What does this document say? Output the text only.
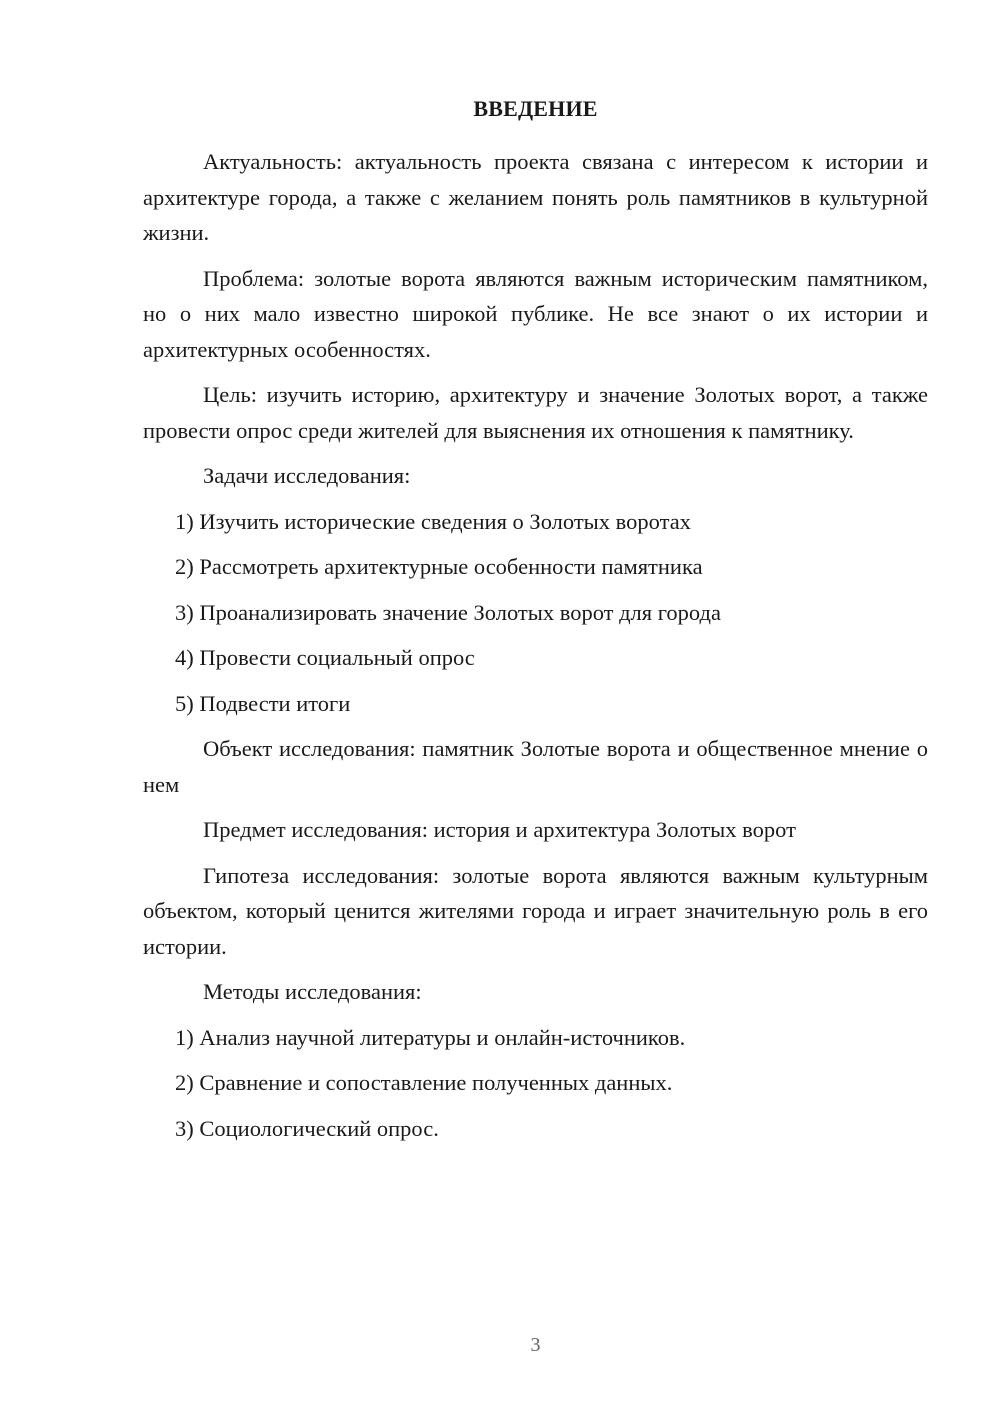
ВВЕДЕНИЕ

Актуальность: актуальность проекта связана с интересом к истории и архитектуре города, а также с желанием понять роль памятников в культурной жизни.

Проблема: золотые ворота являются важным историческим памятником, но о них мало известно широкой публике. Не все знают о их истории и архитектурных особенностях.

Цель: изучить историю, архитектуру и значение Золотых ворот, а также провести опрос среди жителей для выяснения их отношения к памятнику.

Задачи исследования:

1) Изучить исторические сведения о Золотых воротах
2) Рассмотреть архитектурные особенности памятника
3) Проанализировать значение Золотых ворот для города
4) Провести социальный опрос
5) Подвести итоги

Объект исследования: памятник Золотые ворота и общественное мнение о нем

Предмет исследования: история и архитектура Золотых ворот

Гипотеза исследования: золотые ворота являются важным культурным объектом, который ценится жителями города и играет значительную роль в его истории.

Методы исследования:

1) Анализ научной литературы и онлайн-источников.
2) Сравнение и сопоставление полученных данных.
3) Социологический опрос.
3
